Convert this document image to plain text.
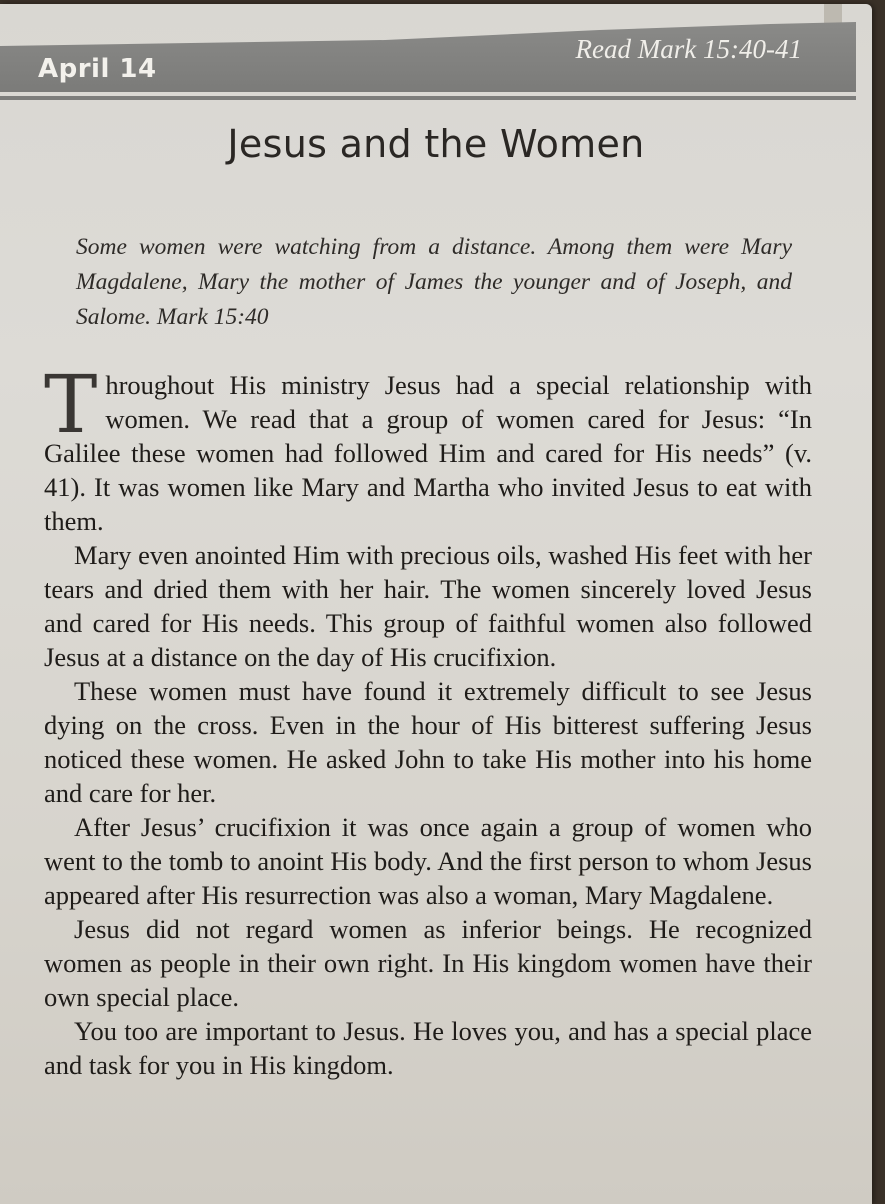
April 14
Read Mark 15:40-41
Jesus and the Women
Some women were watching from a distance. Among them were Mary Magdalene, Mary the mother of James the younger and of Joseph, and Salome. Mark 15:40

Throughout His ministry Jesus had a special relationship with women. We read that a group of women cared for Jesus: “In Galilee these women had followed Him and cared for His needs” (v. 41). It was women like Mary and Martha who invited Jesus to eat with them.

Mary even anointed Him with precious oils, washed His feet with her tears and dried them with her hair. The women sincerely loved Jesus and cared for His needs. This group of faithful women also followed Jesus at a distance on the day of His crucifixion.

These women must have found it extremely difficult to see Jesus dying on the cross. Even in the hour of His bitterest suffering Jesus noticed these women. He asked John to take His mother into his home and care for her.

After Jesus’ crucifixion it was once again a group of women who went to the tomb to anoint His body. And the first person to whom Jesus appeared after His resurrection was also a woman, Mary Magdalene.

Jesus did not regard women as inferior beings. He recognized women as people in their own right. In His kingdom women have their own special place.

You too are important to Jesus. He loves you, and has a special place and task for you in His kingdom.
